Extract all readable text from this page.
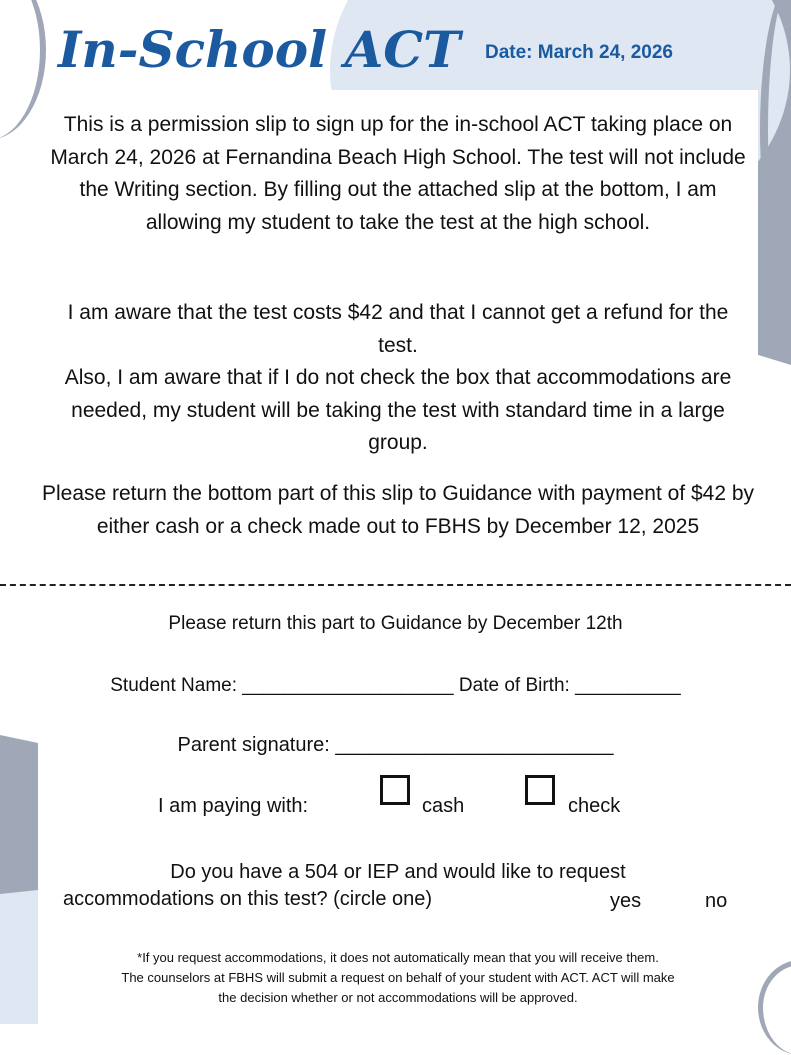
In-School ACT Date: March 24, 2026
This is a permission slip to sign up for the in-school ACT taking place on March 24, 2026 at Fernandina Beach High School. The test will not include the Writing section. By filling out the attached slip at the bottom, I am allowing my student to take the test at the high school.
I am aware that the test costs $42 and that I cannot get a refund for the test.
Also, I am aware that if I do not check the box that accommodations are needed, my student will be taking the test with standard time in a large group.
Please return the bottom part of this slip to Guidance with payment of $42 by either cash or a check made out to FBHS by December 12, 2025
Please return this part to Guidance by December 12th
Student Name: ____________________ Date of Birth: __________
Parent signature: _________________________
I am paying with:	cash	check
Do you have a 504 or IEP and would like to request
accommodations on this test? (circle one)	yes	no
*If you request accommodations, it does not automatically mean that you will receive them.
The counselors at FBHS will submit a request on behalf of your student with ACT. ACT will make
the decision whether or not accommodations will be approved.
